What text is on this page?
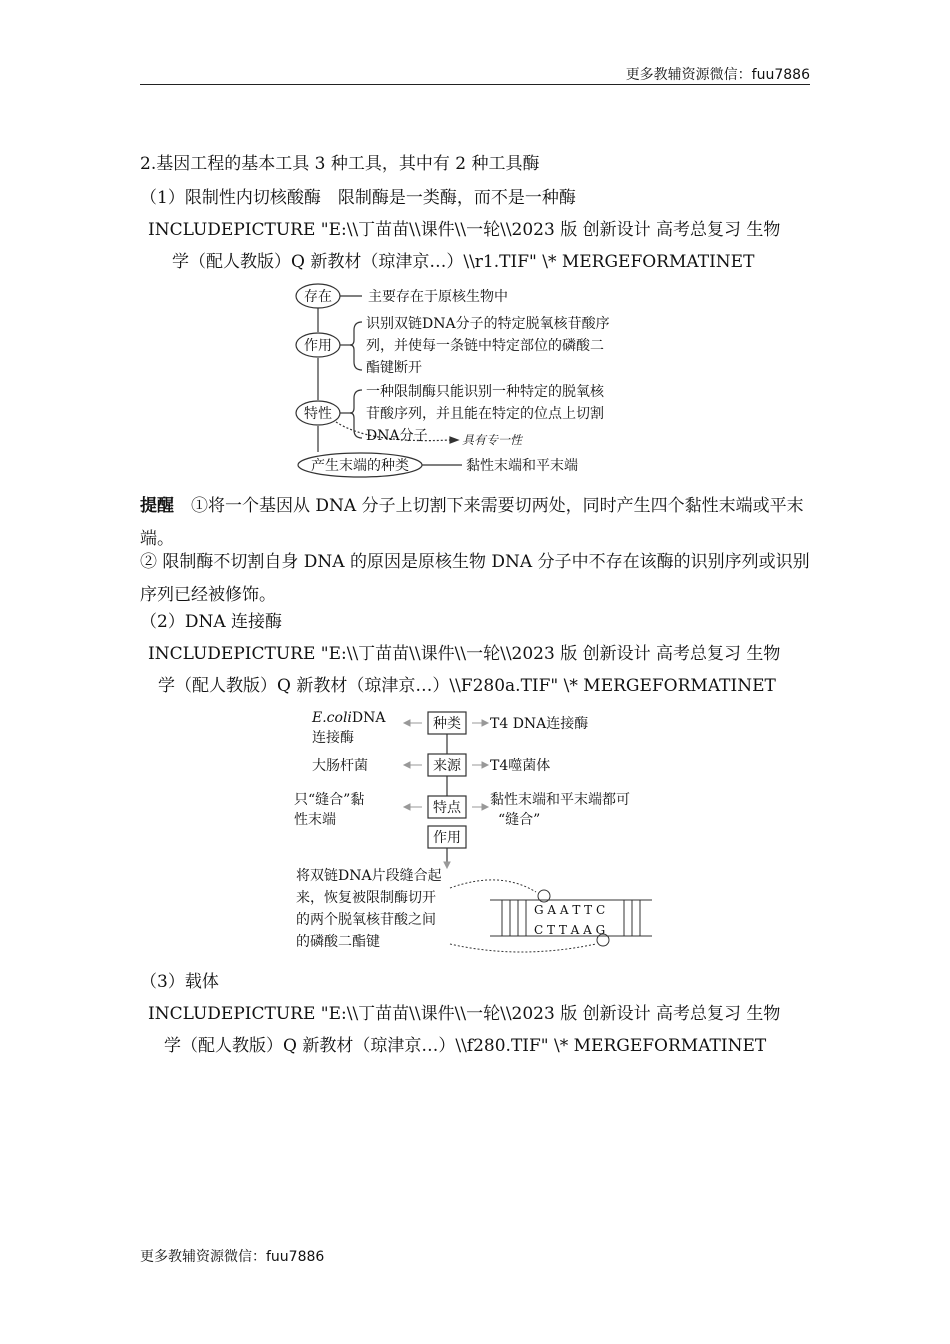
更多教辅资源微信：fuu7886
2.基因工程的基本工具 3 种工具，其中有 2 种工具酶
（1）限制性内切核酸酶　限制酶是一类酶，而不是一种酶
INCLUDEPICTURE "E:\\丁苗苗\\课件\\一轮\\2023 版 创新设计 高考总复习 生物
学（配人教版）Q 新教材（琼津京…）\\r1.TIF" \* MERGEFORMATINET
存在	主要存在于原核生物中
作用
识别双链DNA分子的特定脱氧核苷酸序
列，并使每一条链中特定部位的磷酸二
酯键断开
特性
一种限制酶只能识别一种特定的脱氧核
苷酸序列，并且能在特定的位点上切割
DNA分子	具有专一性
产生末端的种类	黏性末端和平末端
提醒　 ①将一个基因从 DNA 分子上切割下来需要切两处，同时产生四个黏性末端或平末端。
② 限制酶不切割自身 DNA 的原因是原核生物 DNA 分子中不存在该酶的识别序列或识别序列已经被修饰。
（2）DNA 连接酶
INCLUDEPICTURE "E:\\丁苗苗\\课件\\一轮\\2023 版 创新设计 高考总复习 生物
学（配人教版）Q 新教材（琼津京…）\\F280a.TIF" \* MERGEFORMATINET
种类
来源
特点
作用
E.coliDNA
连接酶
T4 DNA连接酶
大肠杆菌	T4噬菌体
只“缝合”黏
性末端
黏性末端和平末端都可
“缝合”
将双链DNA片段缝合起
来，恢复被限制酶切开
的两个脱氧核苷酸之间
的磷酸二酯键
G A A T T C
C T T A A G
（3）载体
INCLUDEPICTURE "E:\\丁苗苗\\课件\\一轮\\2023 版 创新设计 高考总复习 生物
学（配人教版）Q 新教材（琼津京…）\\f280.TIF" \* MERGEFORMATINET
更多教辅资源微信：fuu7886
